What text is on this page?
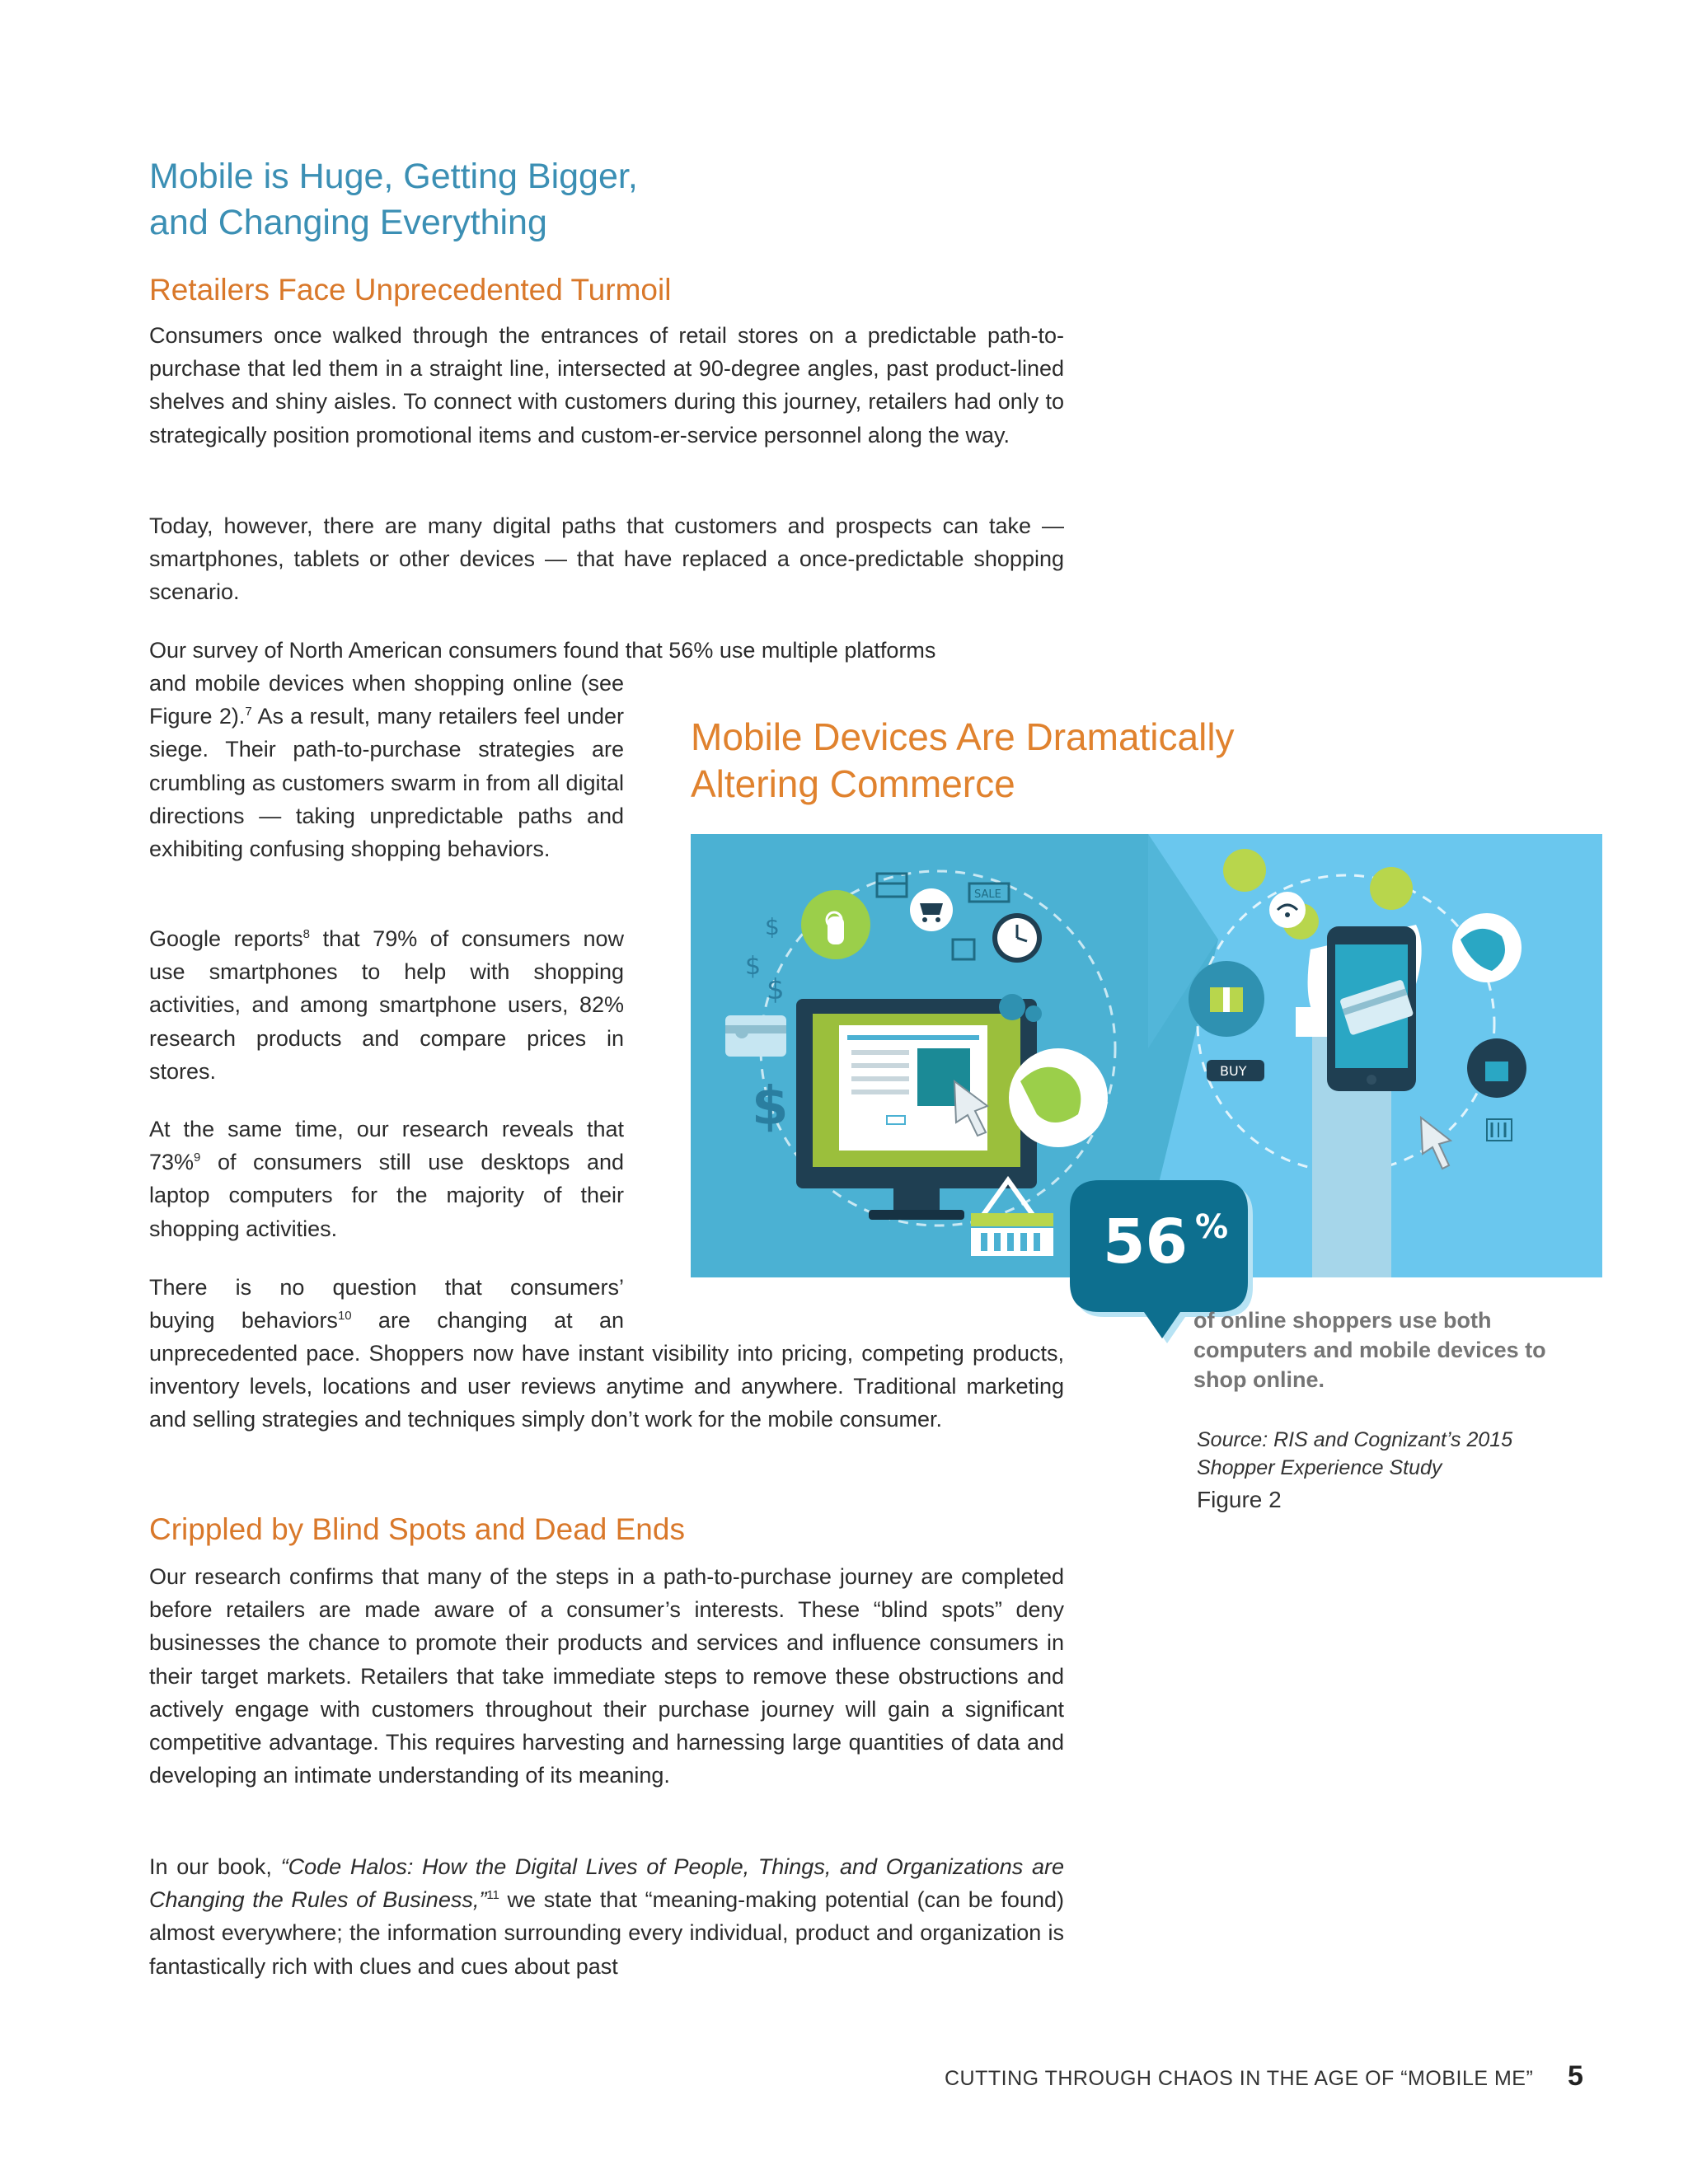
Mobile is Huge, Getting Bigger,
and Changing Everything
Retailers Face Unprecedented Turmoil

Consumers once walked through the entrances of retail stores on a predictable path-to-purchase that led them in a straight line, intersected at 90-degree angles, past product-lined shelves and shiny aisles. To connect with customers during this journey, retailers had only to strategically position promotional items and custom-er-service personnel along the way.

Today, however, there are many digital paths that customers and prospects can take — smartphones, tablets or other devices — that have replaced a once-predictable shopping scenario.

Our survey of North American consumers found that 56% use multiple platforms

and mobile devices when shopping online (see Figure 2).$^7$ As a result, many retailers feel under siege. Their path-to-purchase strategies are crumbling as customers swarm in from all digital directions — taking unpredictable paths and exhibiting confusing shopping behaviors.

Google reports$^8$ that 79% of consumers now use smartphones to help with shopping activities, and among smartphone users, 82% research products and compare prices in stores.

At the same time, our research reveals that 73%$^9$ of consumers still use desktops and laptop computers for the majority of their shopping activities.

There is no question that consumers’

buying behaviors$^{10}$ are changing at an

unprecedented pace. Shoppers now have instant visibility into pricing, competing products, inventory levels, locations and user reviews anytime and anywhere. Traditional marketing and selling strategies and techniques simply don’t work for the mobile consumer.

Crippled by Blind Spots and Dead Ends

Our research confirms that many of the steps in a path-to-purchase journey are completed before retailers are made aware of a consumer’s interests. These “blind spots” deny businesses the chance to promote their products and services and influence consumers in their target markets. Retailers that take immediate steps to remove these obstructions and actively engage with customers throughout their purchase journey will gain a significant competitive advantage. This requires harvesting and harnessing large quantities of data and developing an intimate understanding of its meaning.

In our book, “Code Halos: How the Digital Lives of People, Things, and Organizations are Changing the Rules of Business,”$^{11}$ we state that “meaning-making potential (can be found) almost everywhere; the information surrounding every individual, product and organization is fantastically rich with clues and cues about past

Mobile Devices Are Dramatically

Altering Commerce

SALE
$
$
$
$
56 %
BUY

of online shoppers use both computers and mobile devices to shop online.

Source: RIS and Cognizant’s 2015 Shopper Experience Study

Figure 2

CUTTING THROUGH CHAOS IN THE AGE OF “MOBILE ME” 5
